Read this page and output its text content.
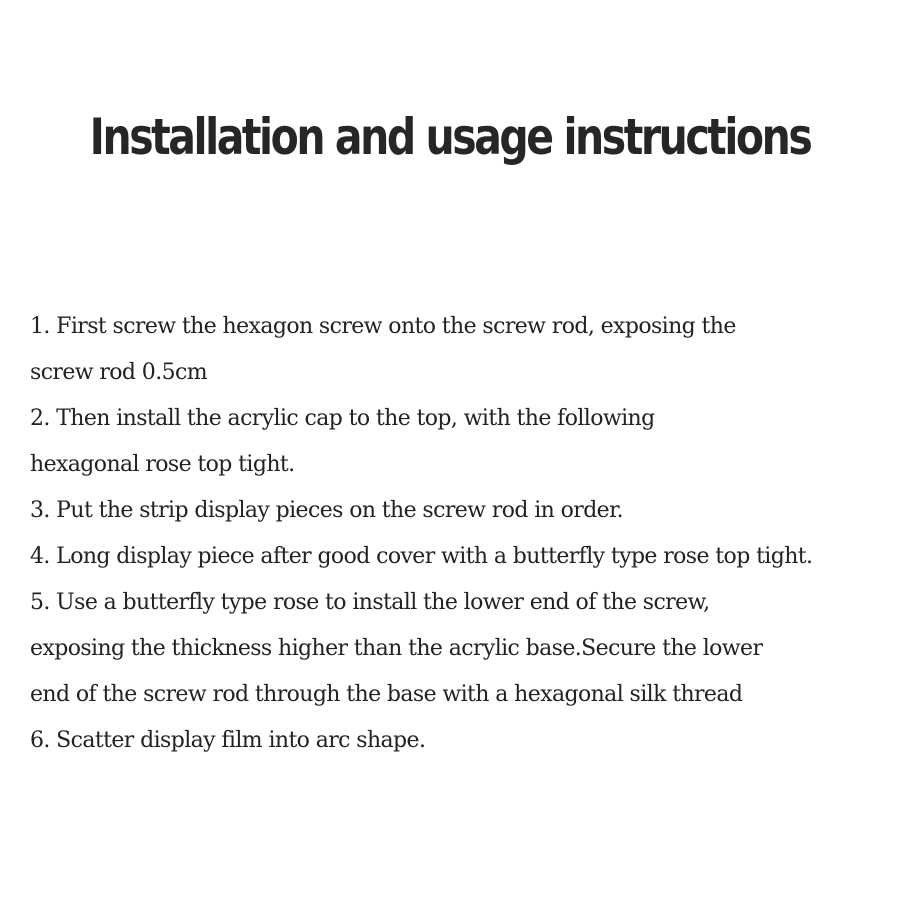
Installation and usage instructions
1. First screw the hexagon screw onto the screw rod, exposing the
screw rod 0.5cm
2. Then install the acrylic cap to the top, with the following
hexagonal rose top tight.
3. Put the strip display pieces on the screw rod in order.
4. Long display piece after good cover with a butterfly type rose top tight.
5. Use a butterfly type rose to install the lower end of the screw,
exposing the thickness higher than the acrylic base.Secure the lower
end of the screw rod through the base with a hexagonal silk thread
6. Scatter display film into arc shape.
